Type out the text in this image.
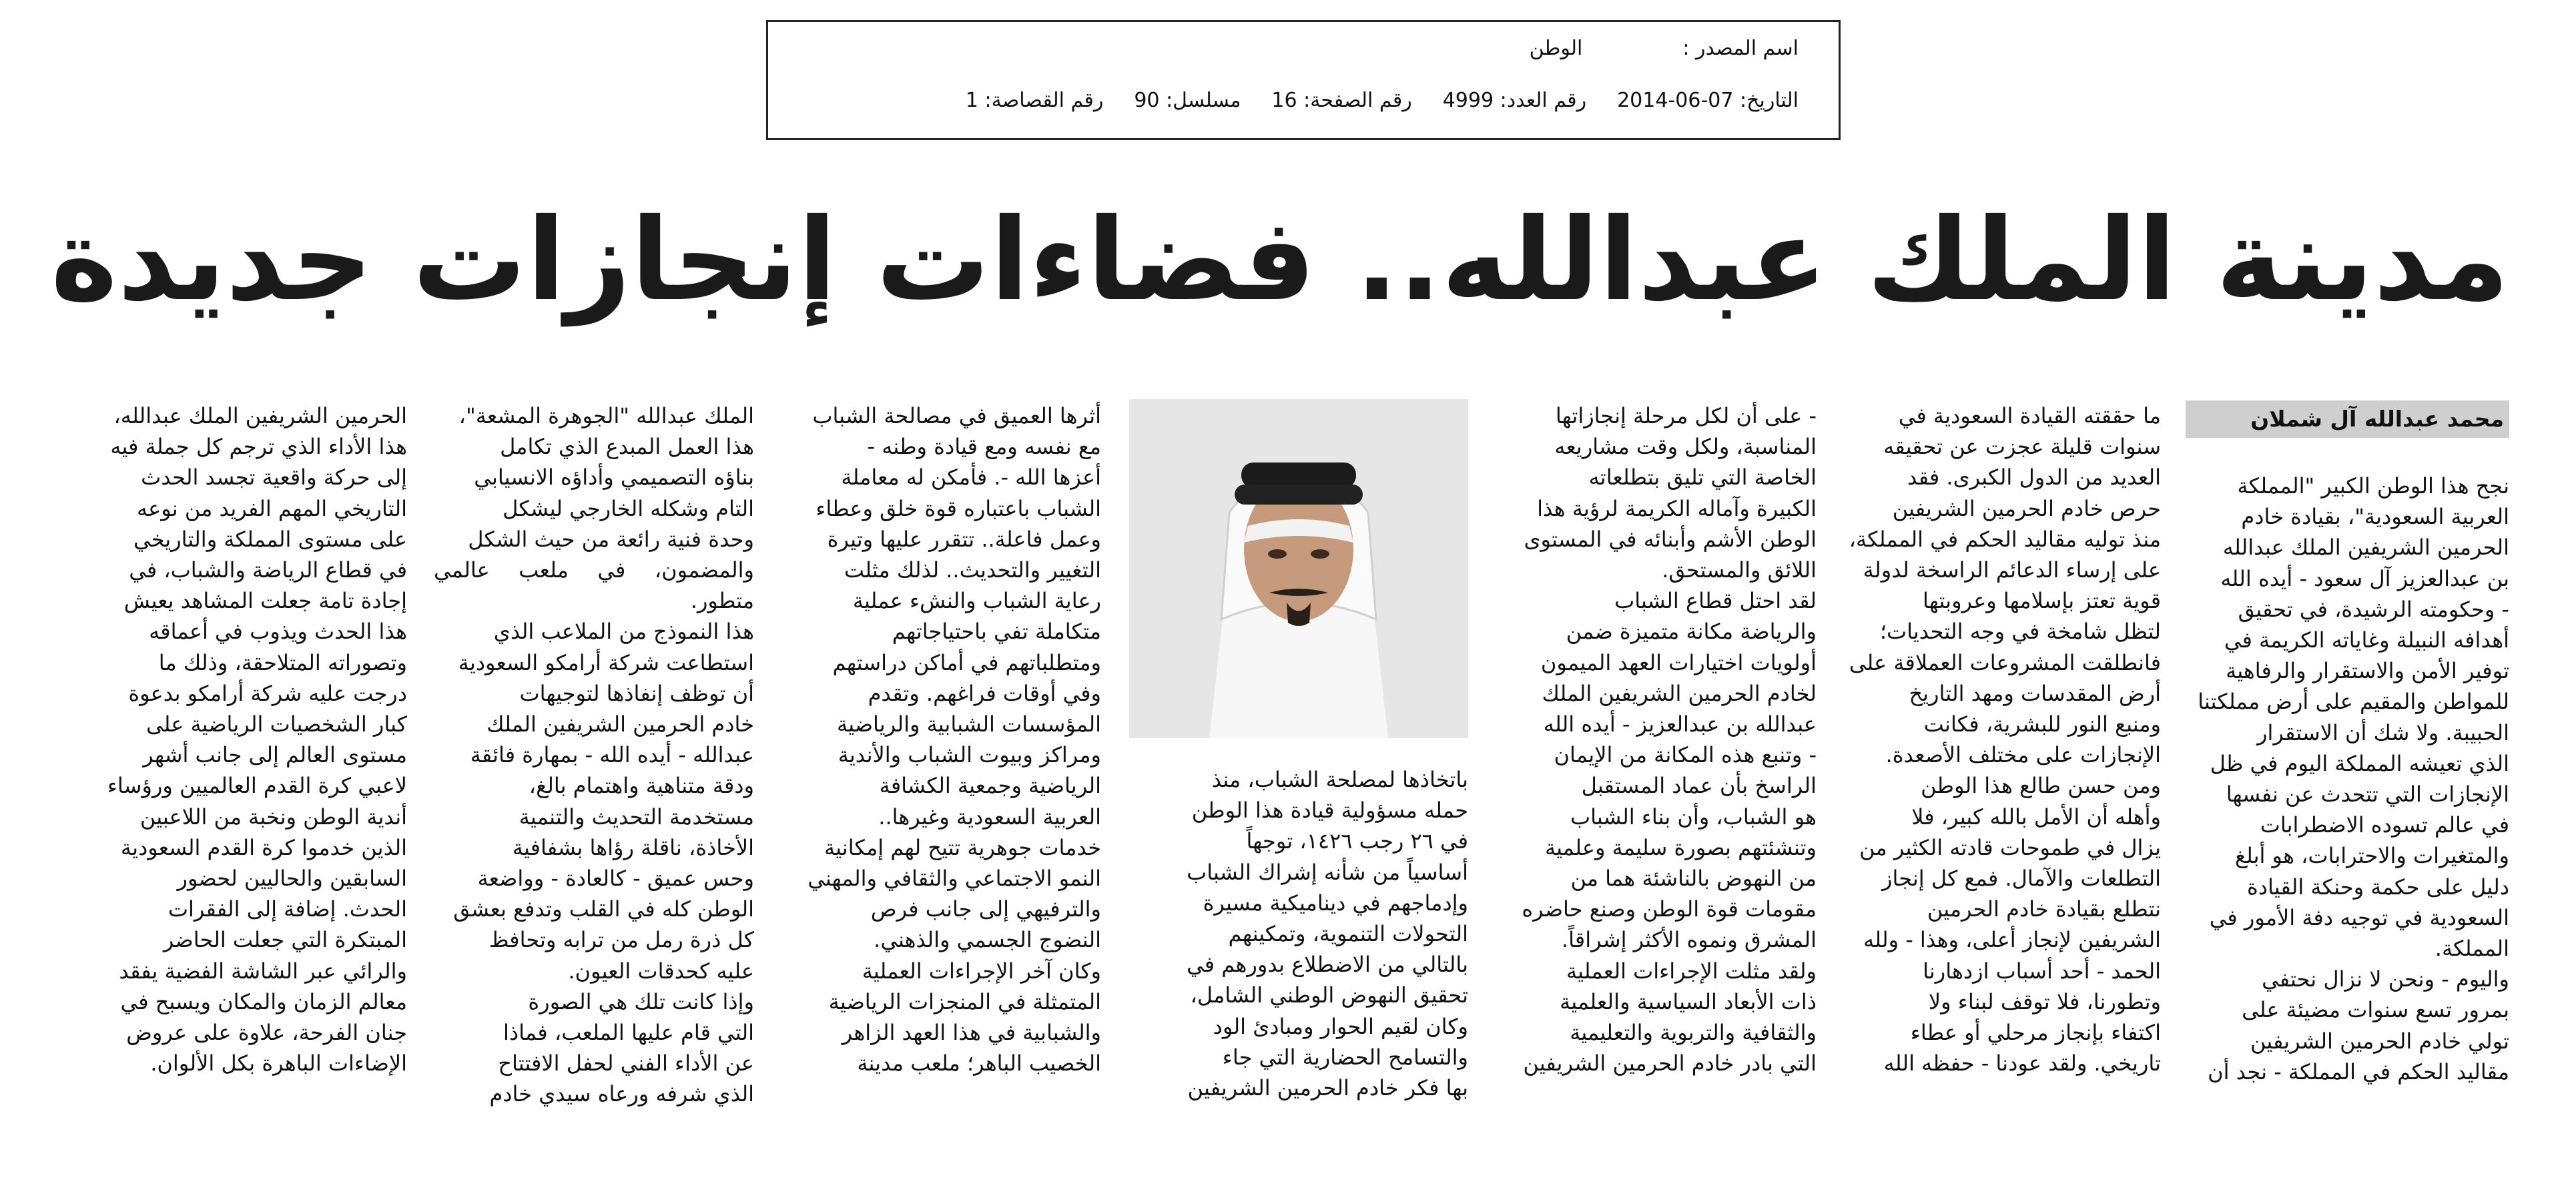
اسم المصدر :
الوطن
التاريخ: 07-06-2014
رقم العدد: 4999
رقم الصفحة: 16
مسلسل: 90
رقم القصاصة: 1
مدينة الملك عبدالله.. فضاءات إنجازات جديدة
محمد عبدالله آل شملان

نجح هذا الوطن الكبير "المملكة
العربية السعودية"، بقيادة خادم
الحرمين الشريفين الملك عبدالله
بن عبدالعزيز آل سعود - أيده الله
- وحكومته الرشيدة، في تحقيق
أهدافه النبيلة وغاياته الكريمة في
توفير الأمن والاستقرار والرفاهية
للمواطن والمقيم على أرض مملكتنا
الحبيبة. ولا شك أن الاستقرار
الذي تعيشه المملكة اليوم في ظل
الإنجازات التي تتحدث عن نفسها
في عالم تسوده الاضطرابات
والمتغيرات والاحترابات، هو أبلغ
دليل على حكمة وحنكة القيادة
السعودية في توجيه دفة الأمور في
المملكة.
واليوم - ونحن لا نزال نحتفي
بمرور تسع سنوات مضيئة على
تولي خادم الحرمين الشريفين
مقاليد الحكم في المملكة - نجد أن

ما حققته القيادة السعودية في
سنوات قليلة عجزت عن تحقيقه
العديد من الدول الكبرى. فقد
حرص خادم الحرمين الشريفين
منذ توليه مقاليد الحكم في المملكة،
على إرساء الدعائم الراسخة لدولة
قوية تعتز بإسلامها وعروبتها
لتظل شامخة في وجه التحديات؛
فانطلقت المشروعات العملاقة على
أرض المقدسات ومهد التاريخ
ومنبع النور للبشرية، فكانت
الإنجازات على مختلف الأصعدة.
ومن حسن طالع هذا الوطن
وأهله أن الأمل بالله كبير، فلا
يزال في طموحات قادته الكثير من
التطلعات والآمال. فمع كل إنجاز
نتطلع بقيادة خادم الحرمين
الشريفين لإنجاز أعلى، وهذا - ولله
الحمد - أحد أسباب ازدهارنا
وتطورنا، فلا توقف لبناء ولا
اكتفاء بإنجاز مرحلي أو عطاء
تاريخي. ولقد عودنا - حفظه الله

- على أن لكل مرحلة إنجازاتها
المناسبة، ولكل وقت مشاريعه
الخاصة التي تليق بتطلعاته
الكبيرة وآماله الكريمة لرؤية هذا
الوطن الأشم وأبنائه في المستوى
اللائق والمستحق.
لقد احتل قطاع الشباب
والرياضة مكانة متميزة ضمن
أولويات اختيارات العهد الميمون
لخادم الحرمين الشريفين الملك
عبدالله بن عبدالعزيز - أيده الله
- وتنبع هذه المكانة من الإيمان
الراسخ بأن عماد المستقبل
هو الشباب، وأن بناء الشباب
وتنشئتهم بصورة سليمة وعلمية
من النهوض بالناشئة هما من
مقومات قوة الوطن وصنع حاضره
المشرق ونموه الأكثر إشراقاً.
ولقد مثلت الإجراءات العملية
ذات الأبعاد السياسية والعلمية
والثقافية والتربوية والتعليمية
التي بادر خادم الحرمين الشريفين

باتخاذها لمصلحة الشباب، منذ
حمله مسؤولية قيادة هذا الوطن
في ٢٦ رجب ١٤٢٦، توجهاً
أساسياً من شأنه إشراك الشباب
وإدماجهم في ديناميكية مسيرة
التحولات التنموية، وتمكينهم
بالتالي من الاضطلاع بدورهم في
تحقيق النهوض الوطني الشامل،
وكان لقيم الحوار ومبادئ الود
والتسامح الحضارية التي جاء
بها فكر خادم الحرمين الشريفين

أثرها العميق في مصالحة الشباب
مع نفسه ومع قيادة وطنه -
أعزها الله -. فأمكن له معاملة
الشباب باعتباره قوة خلق وعطاء
وعمل فاعلة.. تتقرر عليها وتيرة
التغيير والتحديث.. لذلك مثلت
رعاية الشباب والنشء عملية
متكاملة تفي باحتياجاتهم
ومتطلباتهم في أماكن دراستهم
وفي أوقات فراغهم. وتقدم
المؤسسات الشبابية والرياضية
ومراكز وبيوت الشباب والأندية
الرياضية وجمعية الكشافة
العربية السعودية وغيرها..
خدمات جوهرية تتيح لهم إمكانية
النمو الاجتماعي والثقافي والمهني
والترفيهي إلى جانب فرص
النضوج الجسمي والذهني.
وكان آخر الإجراءات العملية
المتمثلة في المنجزات الرياضية
والشبابية في هذا العهد الزاهر
الخصيب الباهر؛ ملعب مدينة

الملك عبدالله "الجوهرة المشعة"،
هذا العمل المبدع الذي تكامل
بناؤه التصميمي وأداؤه الانسيابي
التام وشكله الخارجي ليشكل
وحدة فنية رائعة من حيث الشكل
والمضمون، في ملعب عالمي متطور.
هذا النموذج من الملاعب الذي
استطاعت شركة أرامكو السعودية
أن توظف إنفاذها لتوجيهات
خادم الحرمين الشريفين الملك
عبدالله - أيده الله - بمهارة فائقة
ودقة متناهية واهتمام بالغ،
مستخدمة التحديث والتنمية
الأخاذة، ناقلة رؤاها بشفافية
وحس عميق - كالعادة - وواضعة
الوطن كله في القلب وتدفع بعشق
كل ذرة رمل من ترابه وتحافظ
عليه كحدقات العيون.
وإذا كانت تلك هي الصورة
التي قام عليها الملعب، فماذا
عن الأداء الفني لحفل الافتتاح
الذي شرفه ورعاه سيدي خادم

الحرمين الشريفين الملك عبدالله،
هذا الأداء الذي ترجم كل جملة فيه
إلى حركة واقعية تجسد الحدث
التاريخي المهم الفريد من نوعه
على مستوى المملكة والتاريخي
في قطاع الرياضة والشباب، في
إجادة تامة جعلت المشاهد يعيش
هذا الحدث ويذوب في أعماقه
وتصوراته المتلاحقة، وذلك ما
درجت عليه شركة أرامكو بدعوة
كبار الشخصيات الرياضية على
مستوى العالم إلى جانب أشهر
لاعبي كرة القدم العالميين ورؤساء
أندية الوطن ونخبة من اللاعبين
الذين خدموا كرة القدم السعودية
السابقين والحاليين لحضور
الحدث. إضافة إلى الفقرات
المبتكرة التي جعلت الحاضر
والرائي عبر الشاشة الفضية يفقد
معالم الزمان والمكان ويسبح في
جنان الفرحة، علاوة على عروض
الإضاءات الباهرة بكل الألوان.
